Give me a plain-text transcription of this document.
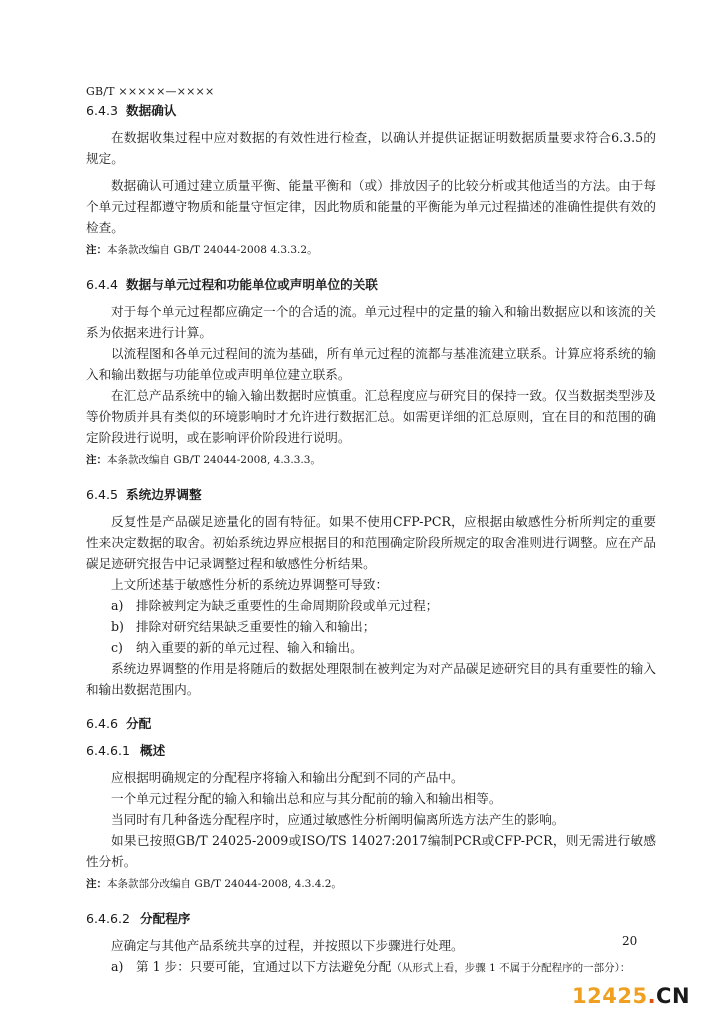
GB/T ×××××—××××
6.4.3 数据确认

在数据收集过程中应对数据的有效性进行检查，以确认并提供证据证明数据质量要求符合6.3.5的规定。

数据确认可通过建立质量平衡、能量平衡和（或）排放因子的比较分析或其他适当的方法。由于每个单元过程都遵守物质和能量守恒定律，因此物质和能量的平衡能为单元过程描述的准确性提供有效的检查。

注：本条款改编自 GB/T 24044-2008 4.3.3.2。

6.4.4 数据与单元过程和功能单位或声明单位的关联

对于每个单元过程都应确定一个的合适的流。单元过程中的定量的输入和输出数据应以和该流的关系为依据来进行计算。

以流程图和各单元过程间的流为基础，所有单元过程的流都与基准流建立联系。计算应将系统的输入和输出数据与功能单位或声明单位建立联系。

在汇总产品系统中的输入输出数据时应慎重。汇总程度应与研究目的保持一致。仅当数据类型涉及等价物质并具有类似的环境影响时才允许进行数据汇总。如需更详细的汇总原则，宜在目的和范围的确定阶段进行说明，或在影响评价阶段进行说明。

注：本条款改编自 GB/T 24044-2008, 4.3.3.3。

6.4.5 系统边界调整

反复性是产品碳足迹量化的固有特征。如果不使用CFP-PCR，应根据由敏感性分析所判定的重要性来决定数据的取舍。初始系统边界应根据目的和范围确定阶段所规定的取舍准则进行调整。应在产品碳足迹研究报告中记录调整过程和敏感性分析结果。

上文所述基于敏感性分析的系统边界调整可导致：

a) 排除被判定为缺乏重要性的生命周期阶段或单元过程；
b) 排除对研究结果缺乏重要性的输入和输出；
c)	纳入重要的新的单元过程、输入和输出。

系统边界调整的作用是将随后的数据处理限制在被判定为对产品碳足迹研究目的具有重要性的输入和输出数据范围内。

6.4.6 分配
6.4.6.1 概述

应根据明确规定的分配程序将输入和输出分配到不同的产品中。

一个单元过程分配的输入和输出总和应与其分配前的输入和输出相等。

当同时有几种备选分配程序时，应通过敏感性分析阐明偏离所选方法产生的影响。

如果已按照GB/T 24025-2009或ISO/TS 14027:2017编制PCR或CFP-PCR，则无需进行敏感性分析。

注：本条款部分改编自 GB/T 24044-2008, 4.3.4.2。

6.4.6.2 分配程序

应确定与其他产品系统共享的过程，并按照以下步骤进行处理。

a) 第 1 步：只要可能，宜通过以下方法避免分配（从形式上看，步骤 1 不属于分配程序的一部分）：
20
12425.CN
